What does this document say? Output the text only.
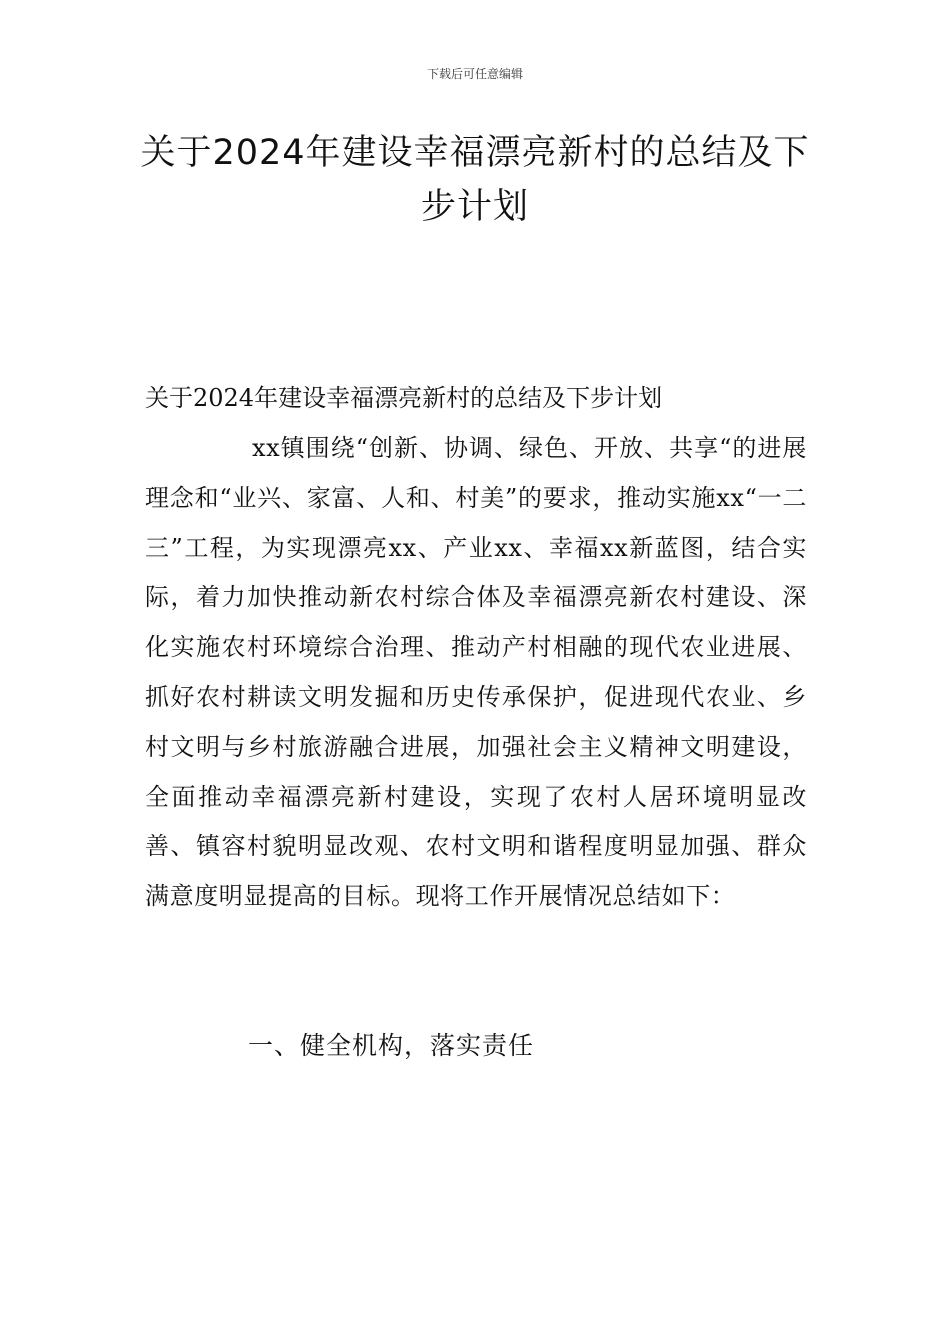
下载后可任意编辑
关于2024年建设幸福漂亮新村的总结及下步计划

关于2024年建设幸福漂亮新村的总结及下步计划

xx镇围绕“创新、协调、绿色、开放、共享“的进展理念和“业兴、家富、人和、村美”的要求，推动实施xx“一二三”工程，为实现漂亮xx、产业xx、幸福xx新蓝图，结合实际，着力加快推动新农村综合体及幸福漂亮新农村建设、深化实施农村环境综合治理、推动产村相融的现代农业进展、抓好农村耕读文明发掘和历史传承保护，促进现代农业、乡村文明与乡村旅游融合进展，加强社会主义精神文明建设，全面推动幸福漂亮新村建设，实现了农村人居环境明显改善、镇容村貌明显改观、农村文明和谐程度明显加强、群众满意度明显提高的目标。现将工作开展情况总结如下：

一、健全机构，落实责任
